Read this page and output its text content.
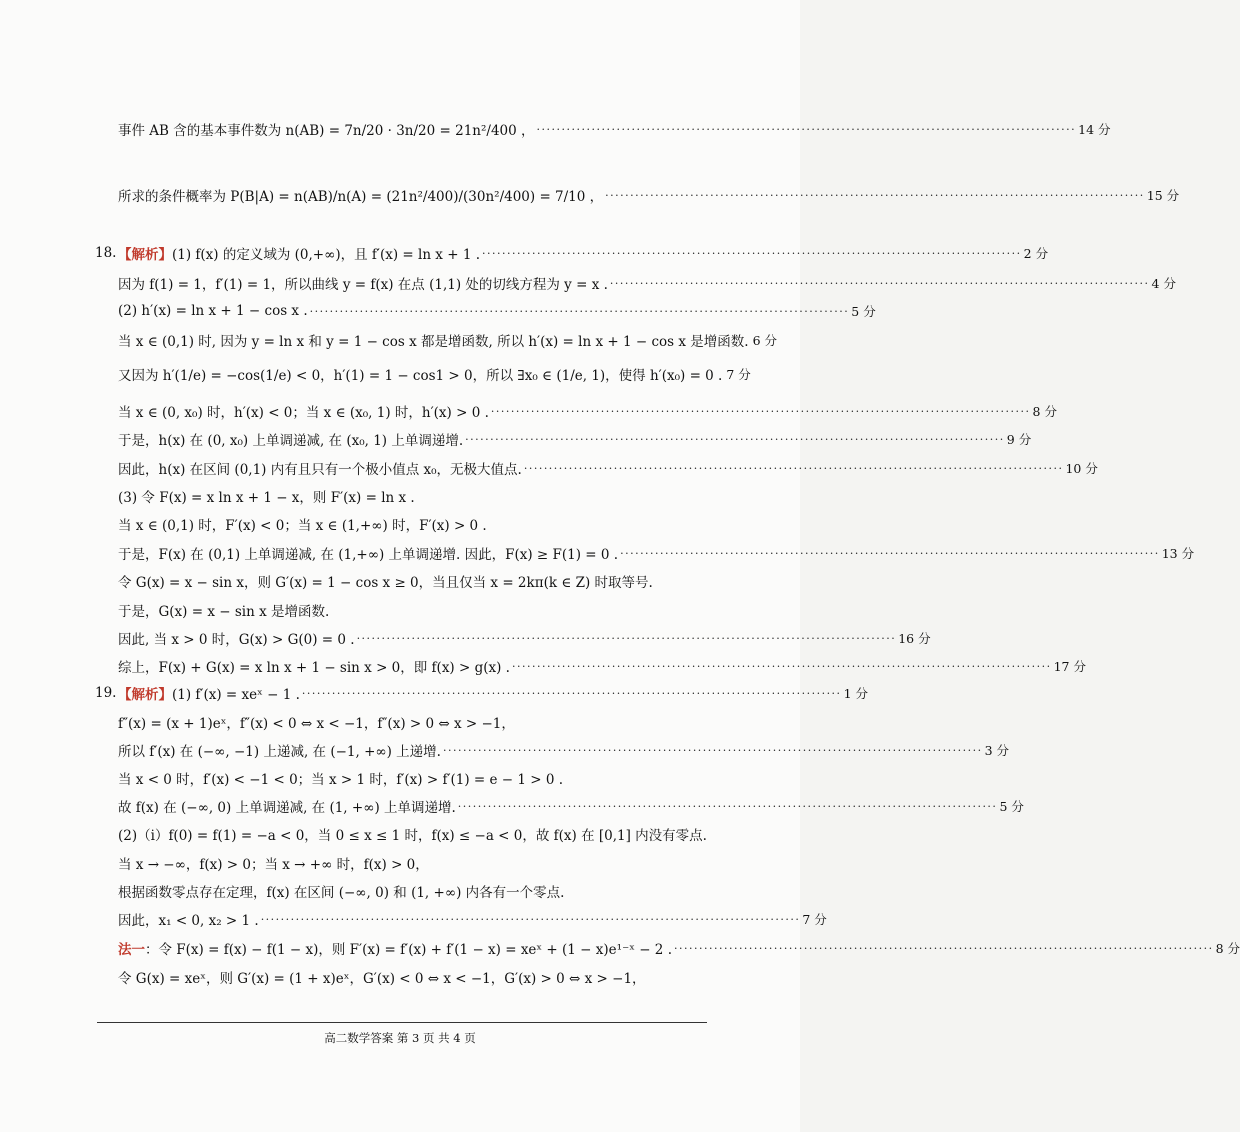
事件 AB 含的基本事件数为 n(AB) = 7n/20 · 3n/20 = 21n²/400 ， ·····	14 分
所求的条件概率为 P(B|A) = n(AB)/n(A) = (21n²/400)/(30n²/400) = 7/10 ， ·····	15 分
18. 【解析】(1) f(x) 的定义域为 (0,+∞)，且 f′(x) = ln x + 1 . ·····	2 分
因为 f(1) = 1，f′(1) = 1，所以曲线 y = f(x) 在点 (1,1) 处的切线方程为 y = x . ·····	4 分
(2) h′(x) = ln x + 1 − cos x . ·····	5 分
当 x ∈ (0,1) 时, 因为 y = ln x 和 y = 1 − cos x 都是增函数, 所以 h′(x) = ln x + 1 − cos x 是增函数. 6 分
又因为 h′(1/e) = −cos(1/e) < 0，h′(1) = 1 − cos1 > 0，所以 ∃x₀ ∈ (1/e, 1)，使得 h′(x₀) = 0 . 7 分
当 x ∈ (0, x₀) 时，h′(x) < 0；当 x ∈ (x₀, 1) 时，h′(x) > 0 . ·····	8 分
于是，h(x) 在 (0, x₀) 上单调递减, 在 (x₀, 1) 上单调递增. ·····	9 分
因此，h(x) 在区间 (0,1) 内有且只有一个极小值点 x₀，无极大值点. ·····	10 分
(3) 令 F(x) = x ln x + 1 − x，则 F′(x) = ln x .
当 x ∈ (0,1) 时，F′(x) < 0；当 x ∈ (1,+∞) 时，F′(x) > 0 .
于是，F(x) 在 (0,1) 上单调递减, 在 (1,+∞) 上单调递增. 因此，F(x) ≥ F(1) = 0 . ·····	13 分
令 G(x) = x − sin x，则 G′(x) = 1 − cos x ≥ 0，当且仅当 x = 2kπ(k ∈ Z) 时取等号.
于是，G(x) = x − sin x 是增函数.
因此, 当 x > 0 时，G(x) > G(0) = 0 . ·····	16 分
综上，F(x) + G(x) = x ln x + 1 − sin x > 0，即 f(x) > g(x) . ·····	17 分
19. 【解析】(1) f′(x) = xeˣ − 1 . ·····	1 分
f″(x) = (x + 1)eˣ，f″(x) < 0 ⇔ x < −1，f″(x) > 0 ⇔ x > −1，
所以 f′(x) 在 (−∞, −1) 上递减, 在 (−1, +∞) 上递增. ·····	3 分
当 x < 0 时，f′(x) < −1 < 0；当 x > 1 时，f′(x) > f′(1) = e − 1 > 0 .
故 f(x) 在 (−∞, 0) 上单调递减, 在 (1, +∞) 上单调递增. ·····	5 分
(2)（i）f(0) = f(1) = −a < 0，当 0 ≤ x ≤ 1 时，f(x) ≤ −a < 0，故 f(x) 在 [0,1] 内没有零点.
当 x → −∞，f(x) > 0；当 x → +∞ 时，f(x) > 0，
根据函数零点存在定理，f(x) 在区间 (−∞, 0) 和 (1, +∞) 内各有一个零点.
因此，x₁ < 0, x₂ > 1 . ·····	7 分
法一：令 F(x) = f(x) − f(1 − x)，则 F′(x) = f′(x) + f′(1 − x) = xeˣ + (1 − x)e¹⁻ˣ − 2 . ·····	8 分
令 G(x) = xeˣ，则 G′(x) = (1 + x)eˣ，G′(x) < 0 ⇔ x < −1，G′(x) > 0 ⇔ x > −1，
高二数学答案 第 3 页 共 4 页
